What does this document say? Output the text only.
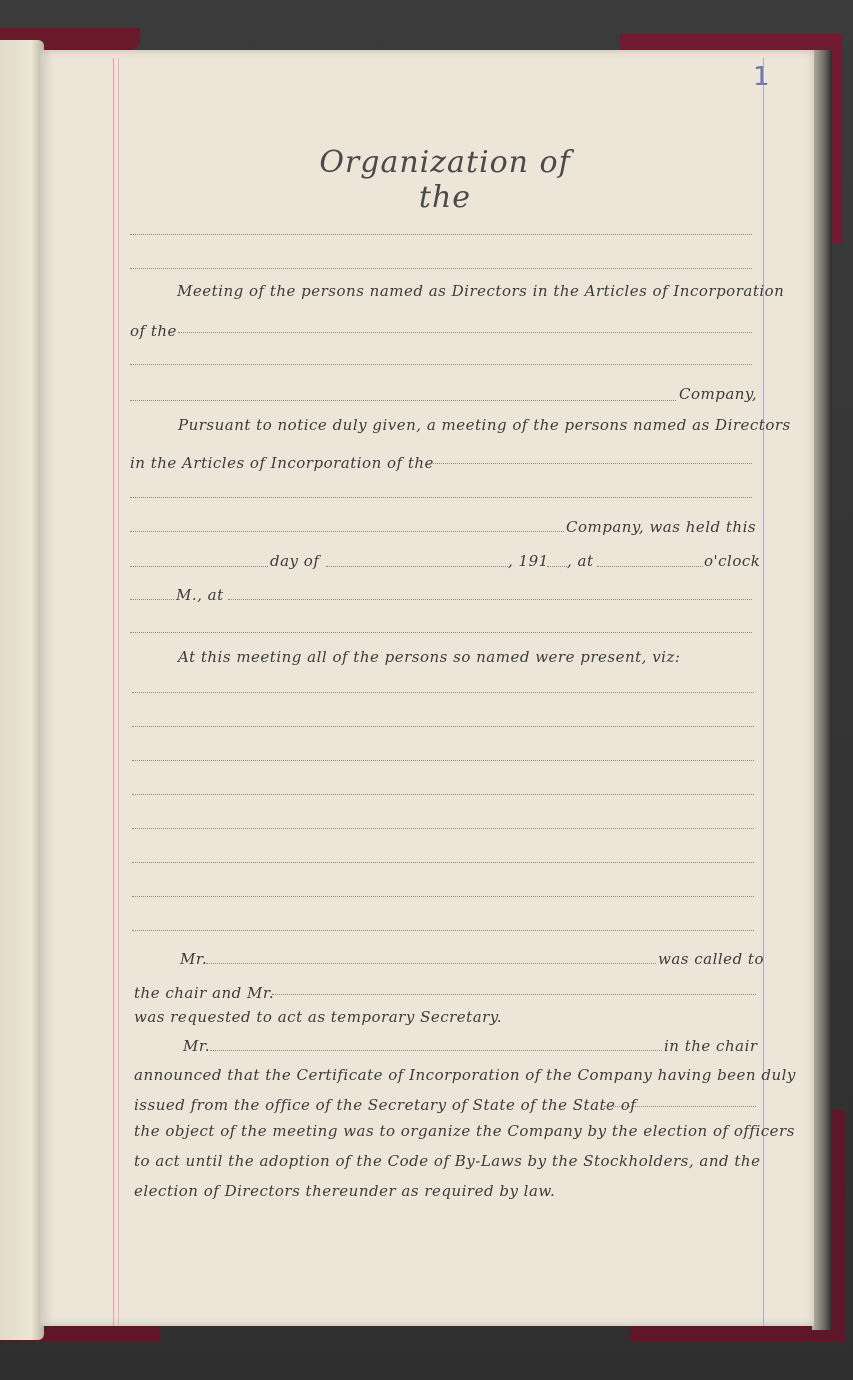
1
Organization of the
Meeting of the persons named as Directors in the Articles of Incorporation
of the
Company,
Pursuant to notice duly given, a meeting of the persons named as Directors
in the Articles of Incorporation of the
Company, was held this
day of	, 191 , at	o'clock
M., at
At this meeting all of the persons so named were present, viz:
Mr.	was called to
the chair and Mr.
was requested to act as temporary Secretary.
Mr.	in the chair
announced that the Certificate of Incorporation of the Company having been duly
issued from the office of the Secretary of State of the State of
the object of the meeting was to organize the Company by the election of officers
to act until the adoption of the Code of By-Laws by the Stockholders, and the
election of Directors thereunder as required by law.
